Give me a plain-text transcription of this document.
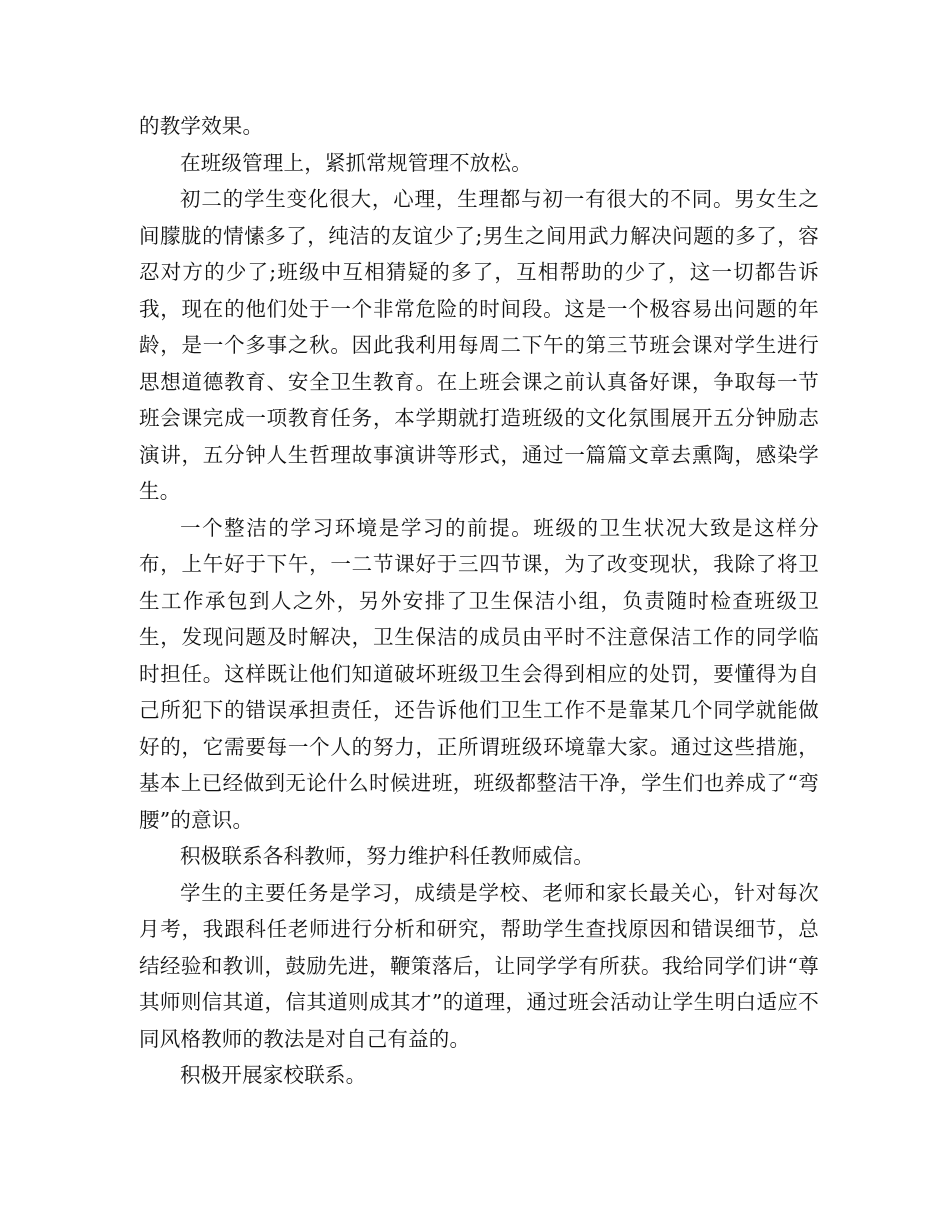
的教学效果。

在班级管理上，紧抓常规管理不放松。

初二的学生变化很大，心理，生理都与初一有很大的不同。男女生之间朦胧的情愫多了，纯洁的友谊少了;男生之间用武力解决问题的多了，容忍对方的少了;班级中互相猜疑的多了，互相帮助的少了，这一切都告诉我，现在的他们处于一个非常危险的时间段。这是一个极容易出问题的年龄，是一个多事之秋。因此我利用每周二下午的第三节班会课对学生进行思想道德教育、安全卫生教育。在上班会课之前认真备好课，争取每一节班会课完成一项教育任务，本学期就打造班级的文化氛围展开五分钟励志演讲，五分钟人生哲理故事演讲等形式，通过一篇篇文章去熏陶，感染学生。

一个整洁的学习环境是学习的前提。班级的卫生状况大致是这样分布，上午好于下午，一二节课好于三四节课，为了改变现状，我除了将卫生工作承包到人之外，另外安排了卫生保洁小组，负责随时检查班级卫生，发现问题及时解决，卫生保洁的成员由平时不注意保洁工作的同学临时担任。这样既让他们知道破坏班级卫生会得到相应的处罚，要懂得为自己所犯下的错误承担责任，还告诉他们卫生工作不是靠某几个同学就能做好的，它需要每一个人的努力，正所谓班级环境靠大家。通过这些措施，基本上已经做到无论什么时候进班，班级都整洁干净，学生们也养成了“弯腰”的意识。

积极联系各科教师，努力维护科任教师威信。

学生的主要任务是学习，成绩是学校、老师和家长最关心，针对每次月考，我跟科任老师进行分析和研究，帮助学生查找原因和错误细节，总结经验和教训，鼓励先进，鞭策落后，让同学学有所获。我给同学们讲“尊其师则信其道，信其道则成其才”的道理，通过班会活动让学生明白适应不同风格教师的教法是对自己有益的。

积极开展家校联系。
